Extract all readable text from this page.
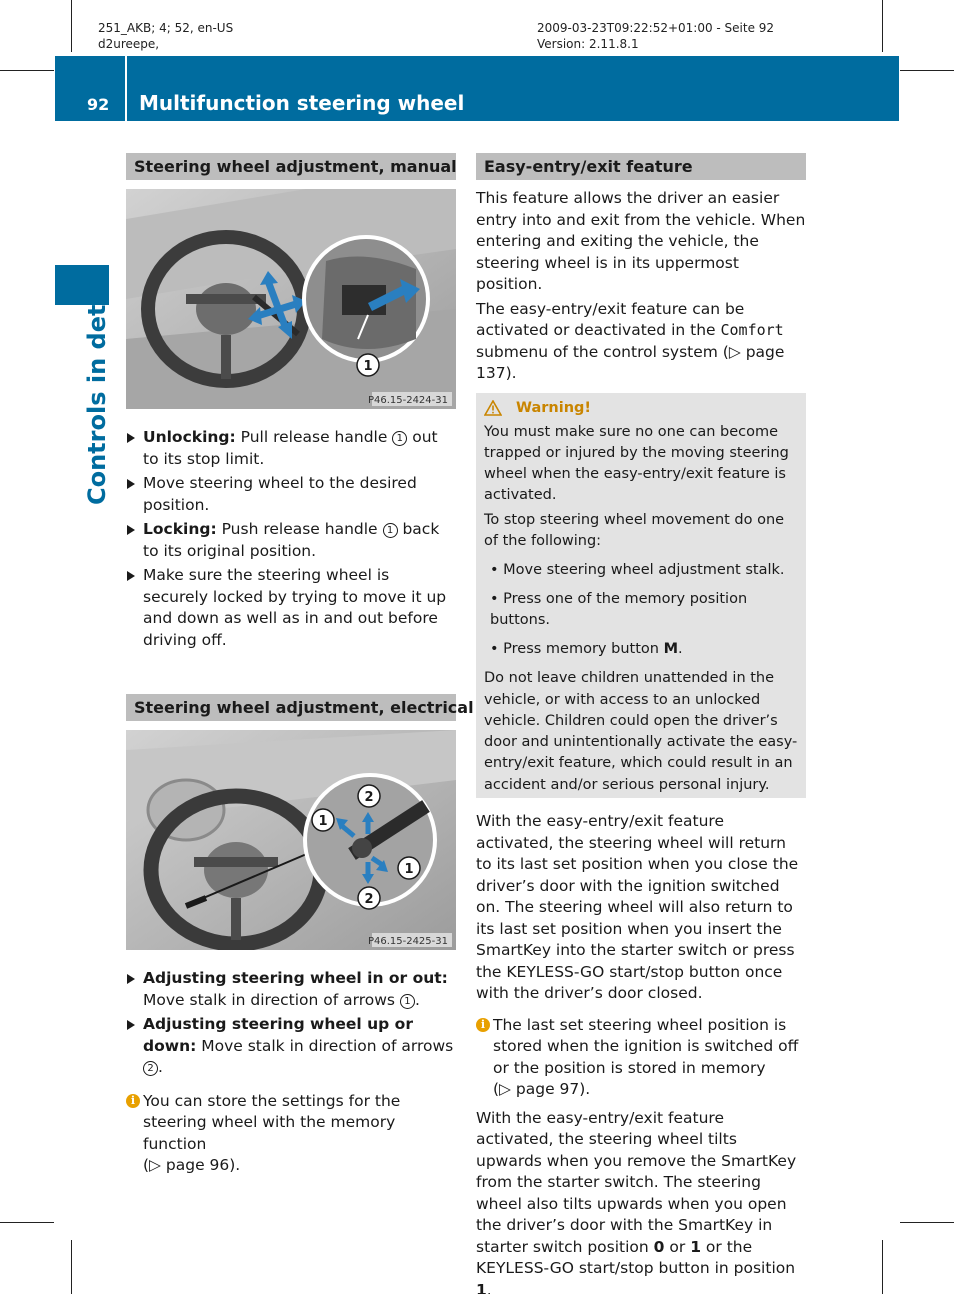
251_AKB; 4; 52, en-US
d2ureepe,
2009-03-23T09:22:52+01:00 - Seite 92
Version: 2.11.8.1
92	Multifunction steering wheel
Controls in detail
Steering wheel adjustment, manual
1
P46.15-2424-31
Unlocking: Pull release handle 1 out to its stop limit.
Move steering wheel to the desired position.
Locking: Push release handle 1 back to its original position.
Make sure the steering wheel is securely locked by trying to move it up and down as well as in and out before driving off.
Steering wheel adjustment, electrical
2
1
1
2
P46.15-2425-31
Adjusting steering wheel in or out: Move stalk in direction of arrows 1 .
Adjusting steering wheel up or down: Move stalk in direction of arrows 2 .
i You can store the settings for the steering wheel with the memory function
(▷ page 96).
Easy-entry/exit feature

This feature allows the driver an easier entry into and exit from the vehicle. When entering and exiting the vehicle, the steering wheel is in its uppermost position.

The easy-entry/exit feature can be activated or deactivated in the Comfort submenu of the control system (▷ page 137).

Warning!

You must make sure no one can become trapped or injured by the moving steering wheel when the easy-entry/exit feature is activated.

To stop steering wheel movement do one of the following:

• Move steering wheel adjustment stalk.
• Press one of the memory position buttons.
• Press memory button M.

Do not leave children unattended in the vehicle, or with access to an unlocked vehicle. Children could open the driver’s door and unintentionally activate the easy-entry/exit feature, which could result in an accident and/or serious personal injury.

With the easy-entry/exit feature activated, the steering wheel will return to its last set position when you close the driver’s door with the ignition switched on. The steering wheel will also return to its last set position when you insert the SmartKey into the starter switch or press the KEYLESS-GO start/stop button once with the driver’s door closed.

i The last set steering wheel position is stored when the ignition is switched off or the position is stored in memory
(▷ page 97).

With the easy-entry/exit feature activated, the steering wheel tilts upwards when you remove the SmartKey from the starter switch. The steering wheel also tilts upwards when you open the driver’s door with the SmartKey in starter switch position 0 or 1 or the KEYLESS-GO start/stop button in position 1.
